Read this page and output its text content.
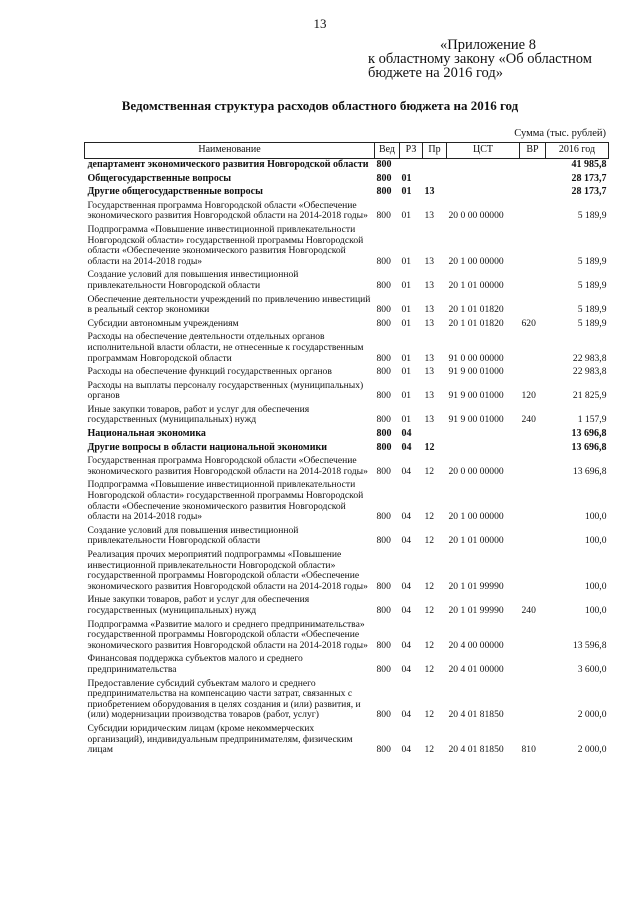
13
«Приложение 8
к областному закону «Об областном
бюджете на 2016 год»
Ведомственная структура расходов областного бюджета на 2016 год
Сумма (тыс. рублей)
Наименование	Вед	РЗ	Пр	ЦСТ	ВР	2016 год
департамент экономического развития Новгородской области	800					41 985,8
Общегосударственные вопросы	800	01				28 173,7
Другие общегосударственные вопросы	800	01	13			28 173,7
Государственная программа Новгородской области «Обеспечение экономического развития Новгородской области на 2014-2018 годы»	800	01	13	20 0 00 00000		5 189,9
Подпрограмма «Повышение инвестиционной привлекательности Новгородской области» государственной программы Новгородской области «Обеспечение экономического развития Новгородской области на 2014-2018 годы»	800	01	13	20 1 00 00000		5 189,9
Создание условий для повышения инвестиционной привлекательности Новгородской области	800	01	13	20 1 01 00000		5 189,9
Обеспечение деятельности учреждений по привлечению инвестиций в реальный сектор экономики	800	01	13	20 1 01 01820		5 189,9
Субсидии автономным учреждениям	800	01	13	20 1 01 01820	620	5 189,9
Расходы на обеспечение деятельности отдельных органов исполнительной власти области, не отнесенные к государственным программам Новгородской области	800	01	13	91 0 00 00000		22 983,8
Расходы на обеспечение функций государственных органов	800	01	13	91 9 00 01000		22 983,8
Расходы на выплаты персоналу государственных (муниципальных) органов	800	01	13	91 9 00 01000	120	21 825,9
Иные закупки товаров, работ и услуг для обеспечения государственных (муниципальных) нужд	800	01	13	91 9 00 01000	240	1 157,9
Национальная экономика	800	04				13 696,8
Другие вопросы в области национальной экономики	800	04	12			13 696,8
Государственная программа Новгородской области «Обеспечение экономического развития Новгородской области на 2014-2018 годы»	800	04	12	20 0 00 00000		13 696,8
Подпрограмма «Повышение инвестиционной привлекательности Новгородской области» государственной программы Новгородской области «Обеспечение экономического развития Новгородской области на 2014-2018 годы»	800	04	12	20 1 00 00000		100,0
Создание условий для повышения инвестиционной привлекательности Новгородской области	800	04	12	20 1 01 00000		100,0
Реализация прочих мероприятий подпрограммы «Повышение инвестиционной привлекательности Новгородской области» государственной программы Новгородской области «Обеспечение экономического развития Новгородской области на 2014-2018 годы»	800	04	12	20 1 01 99990		100,0
Иные закупки товаров, работ и услуг для обеспечения государственных (муниципальных) нужд	800	04	12	20 1 01 99990	240	100,0
Подпрограмма «Развитие малого и среднего предпринимательства» государственной программы Новгородской области «Обеспечение экономического развития Новгородской области на 2014-2018 годы»	800	04	12	20 4 00 00000		13 596,8
Финансовая поддержка субъектов малого и среднего предпринимательства	800	04	12	20 4 01 00000		3 600,0
Предоставление субсидий субъектам малого и среднего предпринимательства на компенсацию части затрат, связанных с приобретением оборудования в целях создания и (или) развития, и (или) модернизации производства товаров (работ, услуг)	800	04	12	20 4 01 81850		2 000,0
Субсидии юридическим лицам (кроме некоммерческих организаций), индивидуальным предпринимателям, физическим лицам	800	04	12	20 4 01 81850	810	2 000,0
